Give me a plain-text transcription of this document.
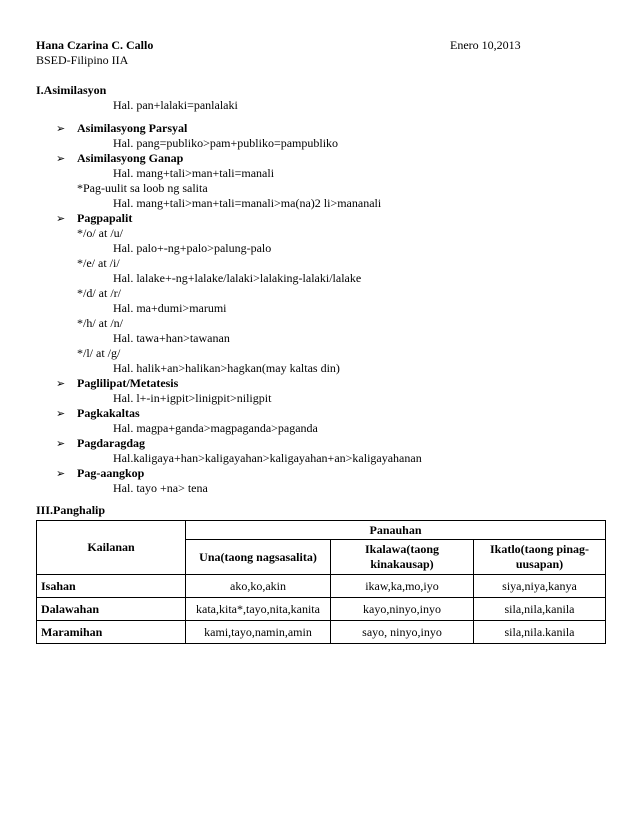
Hana Czarina C. Callo	Enero 10,2013
BSED-Filipino IIA
I.Asimilasyon
Hal. pan+lalaki=panlalaki
➢ Asimilasyong Parsyal
Hal. pang=publiko>pam+publiko=pampubliko
➢ Asimilasyong Ganap
Hal. mang+tali>man+tali=manali
*Pag-uulit sa loob ng salita
Hal. mang+tali>man+tali=manali>ma(na)2 li>mananali
➢ Pagpapalit
*/o/ at /u/
Hal. palo+-ng+palo>palung-palo
*/e/ at /i/
Hal. lalake+-ng+lalake/lalaki>lalaking-lalaki/lalake
*/d/ at /r/
Hal. ma+dumi>marumi
*/h/ at /n/
Hal. tawa+han>tawanan
*/l/ at /g/
Hal. halik+an>halikan>hagkan(may kaltas din)
➢ Paglilipat/Metatesis
Hal. l+-in+igpit>linigpit>niligpit
➢ Pagkakaltas
Hal. magpa+ganda>magpaganda>paganda
➢ Pagdaragdag
Hal.kaligaya+han>kaligayahan>kaligayahan+an>kaligayahanan
➢ Pag-aangkop
Hal. tayo +na> tena
III.Panghalip
Kailanan	Panauhan		
	Una(taong nagsasalita)	Ikalawa(taong kinakausap)	Ikatlo(taong pinag-uusapan)
Isahan	ako,ko,akin	ikaw,ka,mo,iyo	siya,niya,kanya
Dalawahan	kata,kita*,tayo,nita,kanita	kayo,ninyo,inyo	sila,nila,kanila
Maramihan	kami,tayo,namin,amin	sayo, ninyo,inyo	sila,nila.kanila
